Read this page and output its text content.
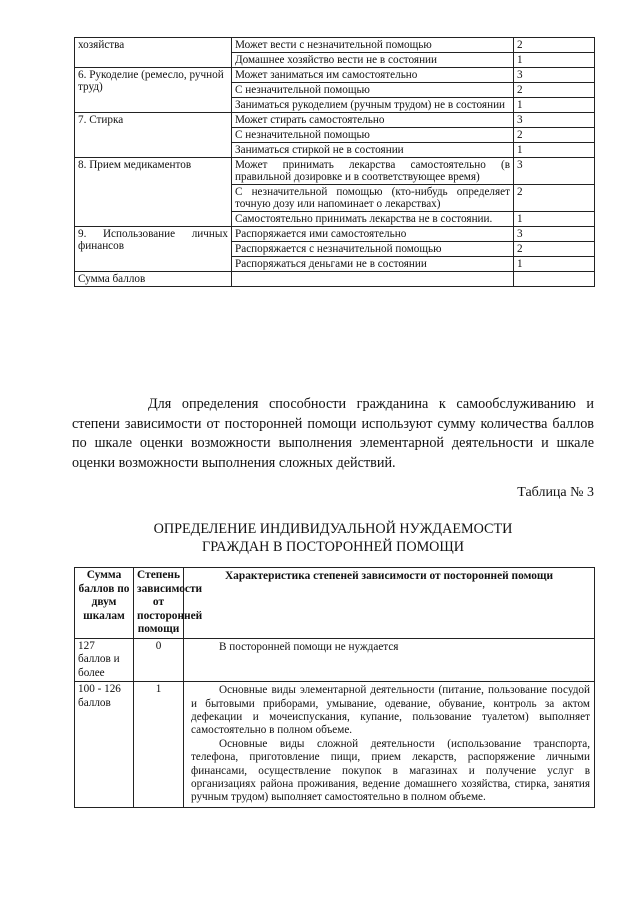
хозяйства	Может вести с незначительной помощью	2
	Домашнее хозяйство вести не в состоянии	1
6. Рукоделие (ремесло, ручной труд)	Может заниматься им самостоятельно	3
	С незначительной помощью	2
	Заниматься рукоделием (ручным трудом) не в состоянии	1
7. Стирка	Может стирать самостоятельно	3
	С незначительной помощью	2
	Заниматься стиркой не в состоянии	1
8. Прием медикаментов	Может принимать лекарства самостоятельно (в правильной дозировке и в соответствующее время)	3
	С незначительной помощью (кто-нибудь определяет точную дозу или напоминает о лекарствах)	2
	Самостоятельно принимать лекарства не в состоянии.	1
9. Использование личных финансов	Распоряжается ими самостоятельно	3
	Распоряжается с незначительной помощью	2
	Распоряжаться деньгами не в состоянии	1
Сумма баллов		

Для определения способности гражданина к самообслуживанию и степени зависимости от посторонней помощи используют сумму количества баллов по шкале оценки возможности выполнения элементарной деятельности и шкале оценки возможности выполнения сложных действий.

Таблица № 3

ОПРЕДЕЛЕНИЕ ИНДИВИДУАЛЬНОЙ НУЖДАЕМОСТИ
ГРАЖДАН В ПОСТОРОННЕЙ ПОМОЩИ
Сумма баллов по двум шкалам	Степень зависимости от посторонней помощи	Характеристика степеней зависимости от посторонней помощи
127 баллов и более	0	В посторонней помощи не нуждается

100 - 126 баллов	1	Основные виды элементарной деятельности (питание, пользование посудой и бытовыми приборами, умывание, одевание, обувание, контроль за актом дефекации и мочеиспускания, купание, пользование туалетом) выполняет самостоятельно в полном объеме.

Основные виды сложной деятельности (использование транспорта, телефона, приготовление пищи, прием лекарств, распоряжение личными финансами, осуществление покупок в магазинах и получение услуг в организациях района проживания, ведение домашнего хозяйства, стирка, занятия ручным трудом) выполняет самостоятельно в полном объеме.
